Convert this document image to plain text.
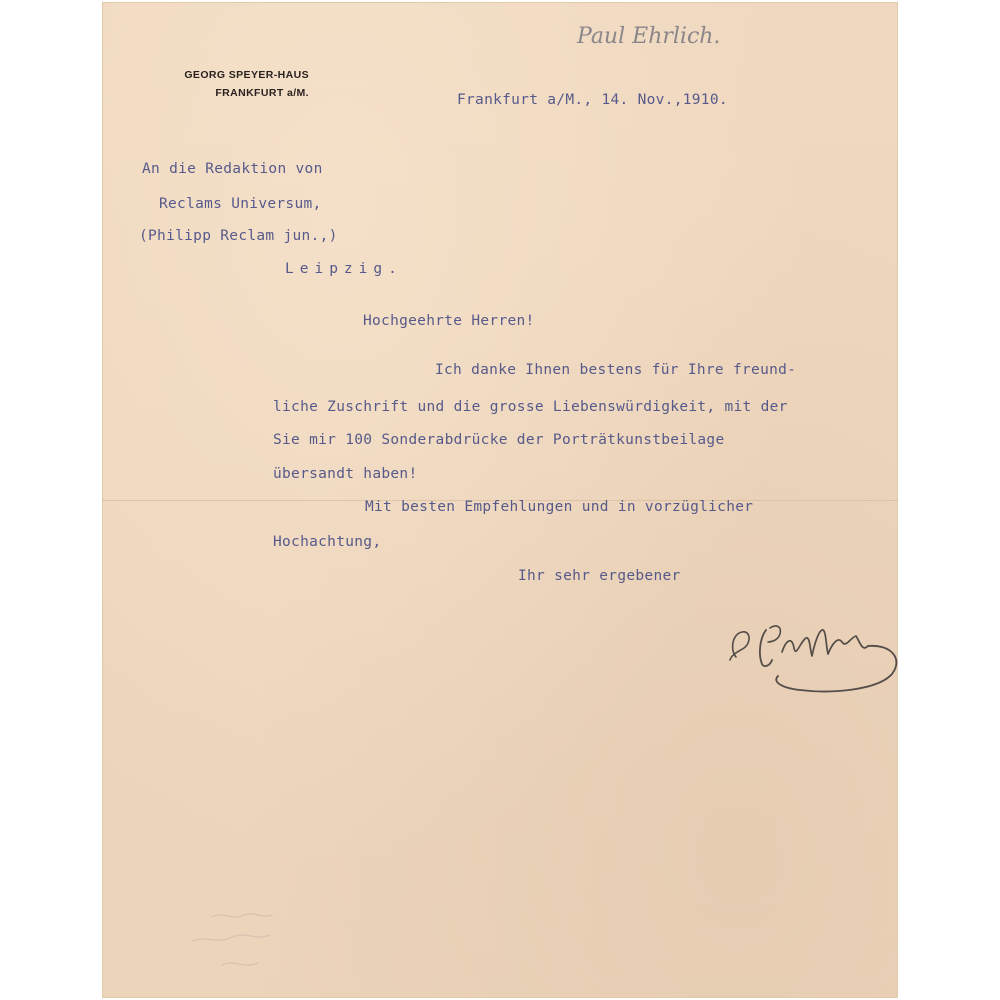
GEORG SPEYER-HAUS
FRANKFURT a/M.
Paul Ehrlich.
Frankfurt a/M., 14. Nov.,1910.
An die Redaktion von
Reclams Universum,
(Philipp Reclam jun.,)
Leipzig.
Hochgeehrte Herren!
Ich danke Ihnen bestens für Ihre freund-
liche Zuschrift und die grosse Liebenswürdigkeit, mit der
Sie mir 100 Sonderabdrücke der Porträtkunstbeilage
übersandt haben!
Mit besten Empfehlungen und in vorzüglicher
Hochachtung,
Ihr sehr ergebener
